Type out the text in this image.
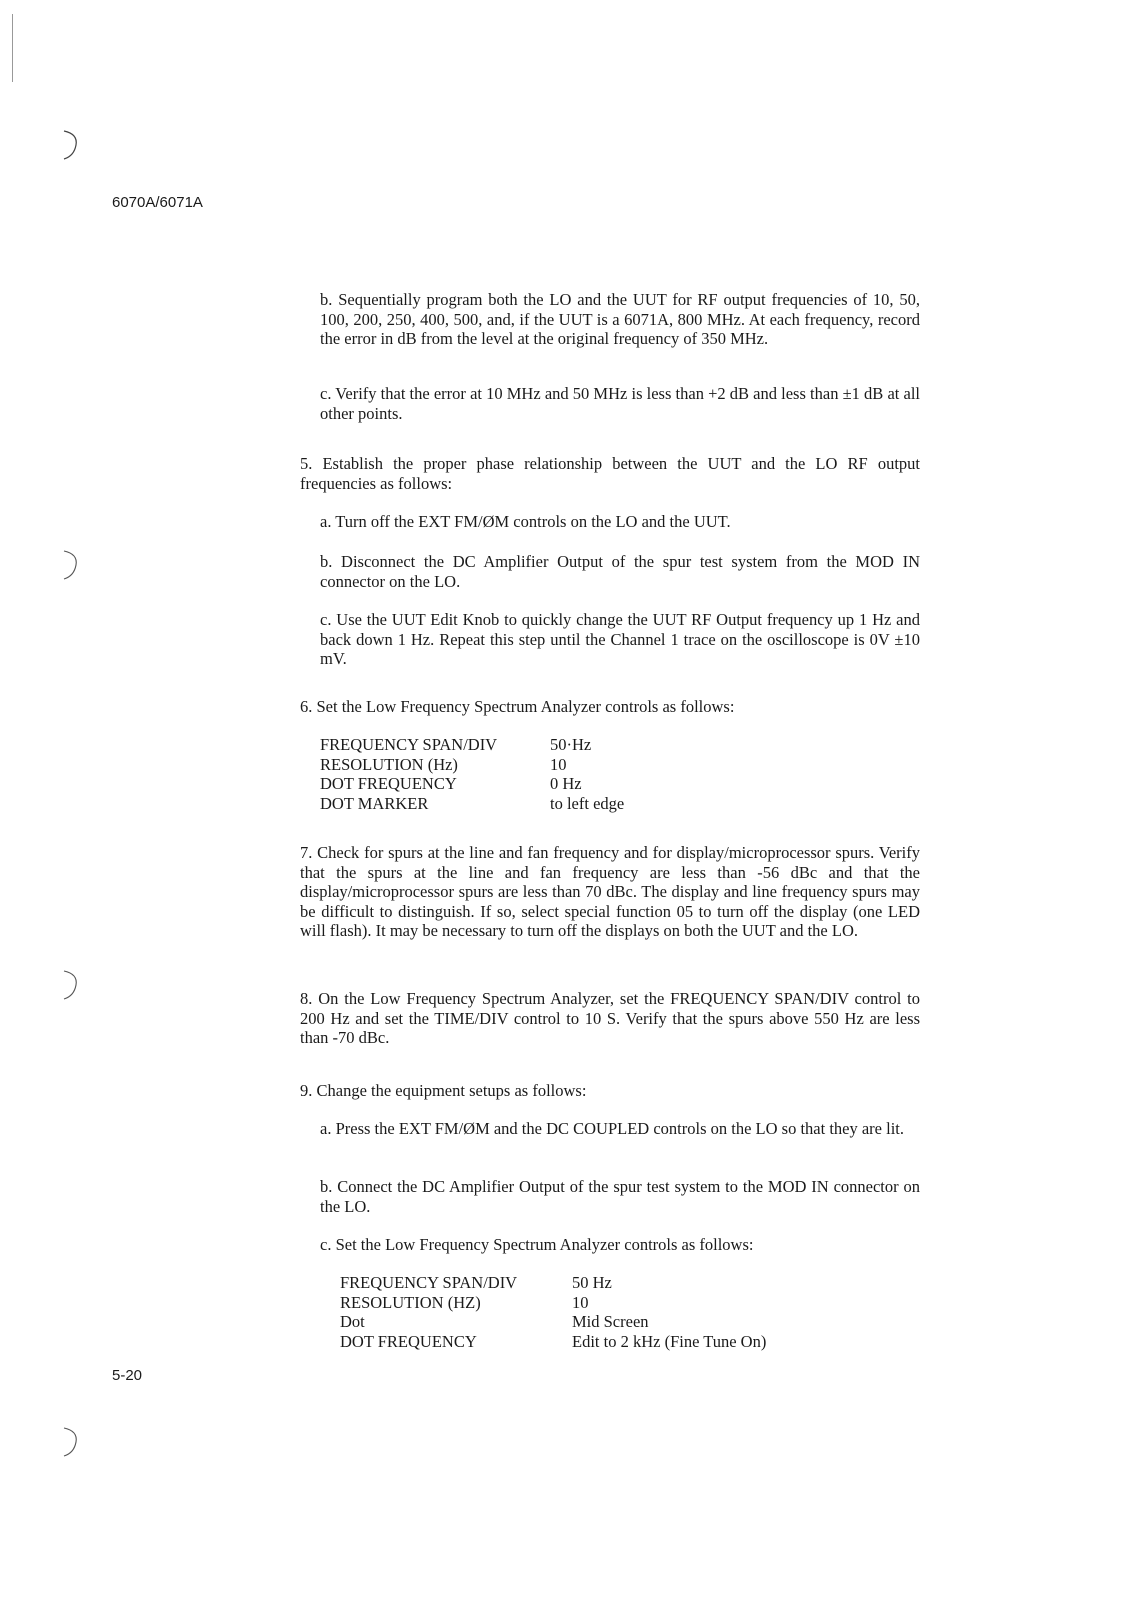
6070A/6071A
b. Sequentially program both the LO and the UUT for RF output frequencies of 10, 50, 100, 200, 250, 400, 500, and, if the UUT is a 6071A, 800 MHz. At each frequency, record the error in dB from the level at the original frequency of 350 MHz.
c. Verify that the error at 10 MHz and 50 MHz is less than +2 dB and less than ±1 dB at all other points.
5. Establish the proper phase relationship between the UUT and the LO RF output frequencies as follows:
a. Turn off the EXT FM/ØM controls on the LO and the UUT.
b. Disconnect the DC Amplifier Output of the spur test system from the MOD IN connector on the LO.
c. Use the UUT Edit Knob to quickly change the UUT RF Output frequency up 1 Hz and back down 1 Hz. Repeat this step until the Channel 1 trace on the oscilloscope is 0V ±10 mV.
6. Set the Low Frequency Spectrum Analyzer controls as follows:
FREQUENCY SPAN/DIV	50·Hz
RESOLUTION (Hz)	10
DOT FREQUENCY	0 Hz
DOT MARKER	to left edge
7. Check for spurs at the line and fan frequency and for display/microprocessor spurs. Verify that the spurs at the line and fan frequency are less than -56 dBc and that the display/microprocessor spurs are less than 70 dBc. The display and line frequency spurs may be difficult to distinguish. If so, select special function 05 to turn off the display (one LED will flash). It may be necessary to turn off the displays on both the UUT and the LO.
8. On the Low Frequency Spectrum Analyzer, set the FREQUENCY SPAN/DIV control to 200 Hz and set the TIME/DIV control to 10 S. Verify that the spurs above 550 Hz are less than -70 dBc.
9. Change the equipment setups as follows:
a. Press the EXT FM/ØM and the DC COUPLED controls on the LO so that they are lit.
b. Connect the DC Amplifier Output of the spur test system to the MOD IN connector on the LO.
c. Set the Low Frequency Spectrum Analyzer controls as follows:
FREQUENCY SPAN/DIV	50 Hz
RESOLUTION (HZ)	10
Dot	Mid Screen
DOT FREQUENCY	Edit to 2 kHz (Fine Tune On)
5-20
